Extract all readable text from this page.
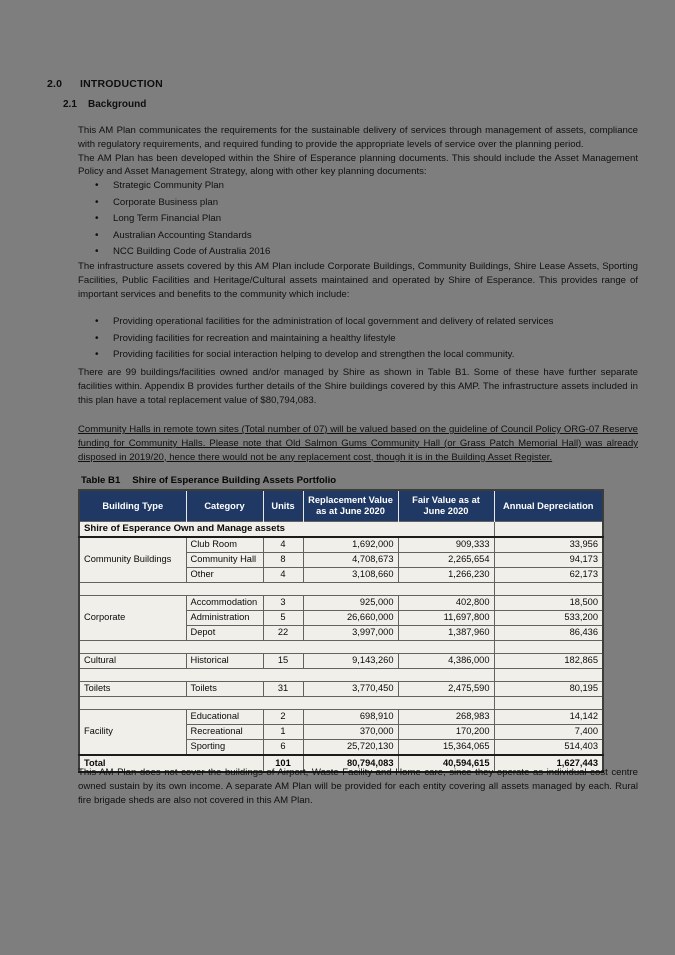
2.0 INTRODUCTION
2.1 Background

This AM Plan communicates the requirements for the sustainable delivery of services through management of assets, compliance with regulatory requirements, and required funding to provide the appropriate levels of service over the planning period.

The AM Plan has been developed within the Shire of Esperance planning documents. This should include the Asset Management Policy and Asset Management Strategy, along with other key planning documents:

• Strategic Community Plan
• Corporate Business plan
• Long Term Financial Plan
• Australian Accounting Standards
• NCC Building Code of Australia 2016

The infrastructure assets covered by this AM Plan include Corporate Buildings, Community Buildings, Shire Lease Assets, Sporting Facilities, Public Facilities and Heritage/Cultural assets maintained and operated by Shire of Esperance. This provides range of important services and benefits to the community which include:

• Providing operational facilities for the administration of local government and delivery of related services
• Providing facilities for recreation and maintaining a healthy lifestyle
• Providing facilities for social interaction helping to develop and strengthen the local community.

There are 99 buildings/facilities owned and/or managed by Shire as shown in Table B1. Some of these have further separate facilities within. Appendix B provides further details of the Shire buildings covered by this AMP. The infrastructure assets included in this plan have a total replacement value of $80,794,083.

Community Halls in remote town sites (Total number of 07) will be valued based on the guideline of Council Policy ORG-07 Reserve funding for Community Halls. Please note that Old Salmon Gums Community Hall (or Grass Patch Memorial Hall) was already disposed in 2019/20, hence there would not be any replacement cost, though it is in the Building Asset Register.

Table B1 Shire of Esperance Building Assets Portfolio
Building Type	Category	Units	Replacement Value as at June 2020	Fair Value as at June 2020	Annual Depreciation
Shire of Esperance Own and Manage assets					
Community Buildings	Club Room	4	1,692,000	909,333	33,956
	Community Hall	8	4,708,673	2,265,654	94,173
	Other	4	3,108,660	1,266,230	62,173

Corporate	Accommodation	3	925,000	402,800	18,500
	Administration	5	26,660,000	11,697,800	533,200
	Depot	22	3,997,000	1,387,960	86,436

Cultural	Historical	15	9,143,260	4,386,000	182,865

Toilets	Toilets	31	3,770,450	2,475,590	80,195

Facility	Educational	2	698,910	268,983	14,142
	Recreational	1	370,000	170,200	7,400
	Sporting	6	25,720,130	15,364,065	514,403
Total		101	80,794,083	40,594,615	1,627,443

This AM Plan does not cover the buildings of Airport, Waste Facility and Home care, since they operate as individual cost centre owned sustain by its own income. A separate AM Plan will be provided for each entity covering all assets managed by each. Rural fire brigade sheds are also not covered in this AM Plan.
